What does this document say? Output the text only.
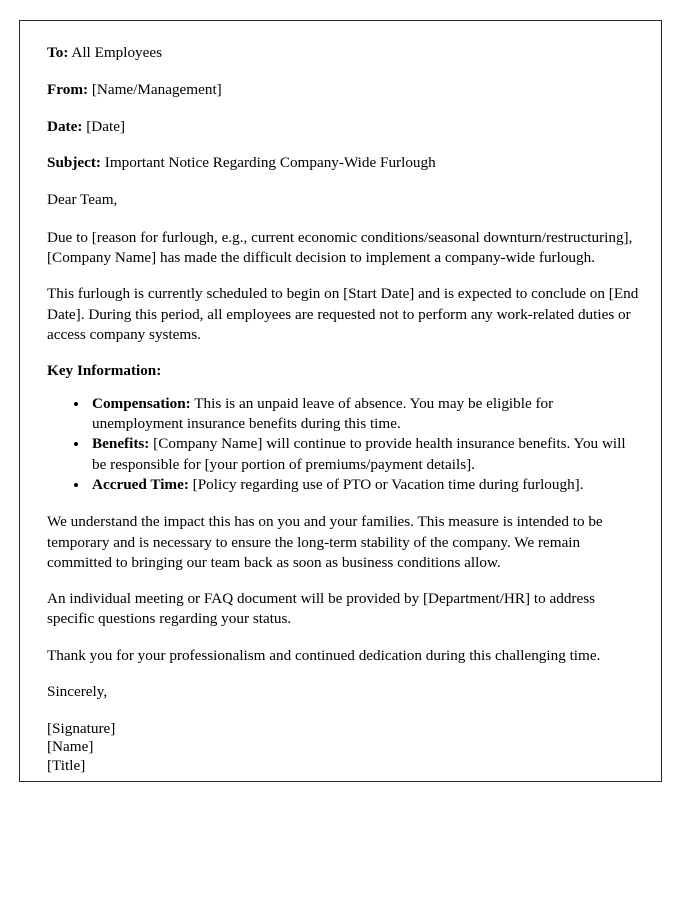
To: All Employees

From: [Name/Management]

Date: [Date]

Subject: Important Notice Regarding Company-Wide Furlough

Dear Team,

Due to [reason for furlough, e.g., current economic conditions/seasonal downturn/restructuring], [Company Name] has made the difficult decision to implement a company-wide furlough.

This furlough is currently scheduled to begin on [Start Date] and is expected to conclude on [End Date]. During this period, all employees are requested not to perform any work-related duties or access company systems.

Key Information:

• Compensation: This is an unpaid leave of absence. You may be eligible for unemployment insurance benefits during this time.
• Benefits: [Company Name] will continue to provide health insurance benefits. You will be responsible for [your portion of premiums/payment details].
• Accrued Time: [Policy regarding use of PTO or Vacation time during furlough].

We understand the impact this has on you and your families. This measure is intended to be temporary and is necessary to ensure the long-term stability of the company. We remain committed to bringing our team back as soon as business conditions allow.

An individual meeting or FAQ document will be provided by [Department/HR] to address specific questions regarding your status.

Thank you for your professionalism and continued dedication during this challenging time.

Sincerely,

[Signature]
[Name]
[Title]
